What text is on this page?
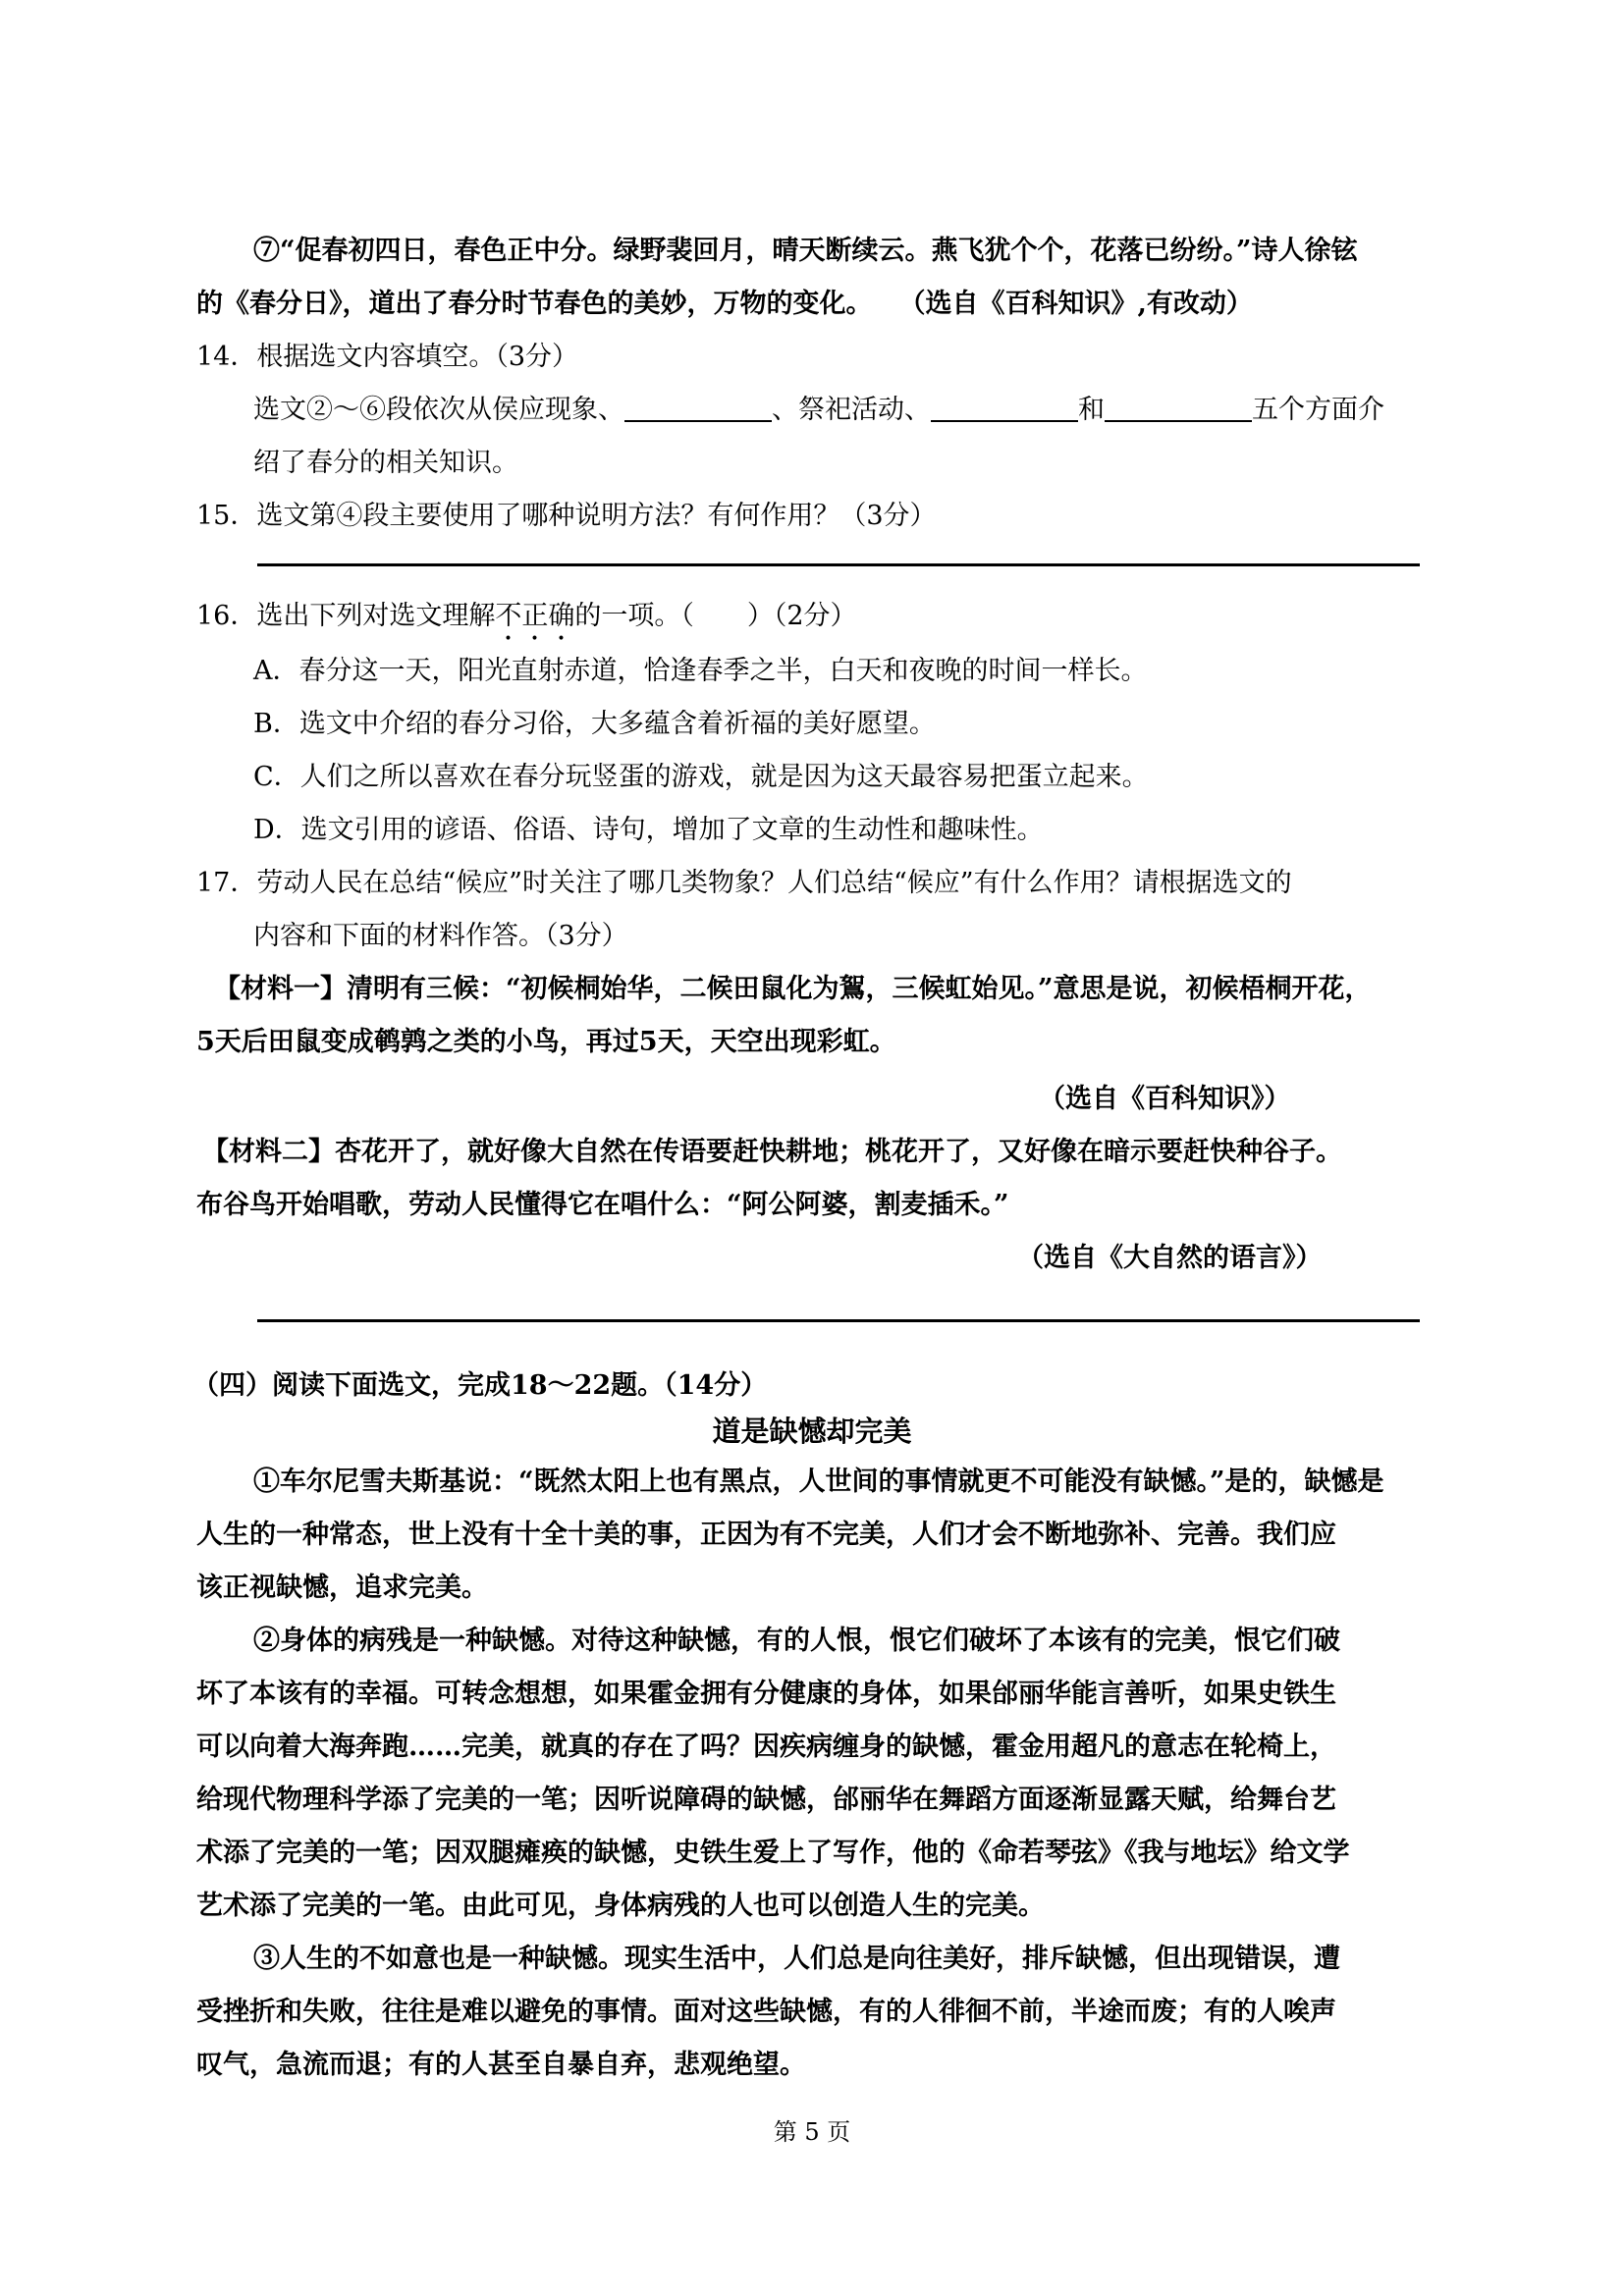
⑦“促春初四日，春色正中分。绿野裴回月，晴天断续云。燕飞犹个个，花落已纷纷。”诗人徐铉
的《春分日》，道出了春分时节春色的美妙，万物的变化。　　（选自《百科知识》,有改动）
14．根据选文内容填空。（3分）
选文②～⑥段依次从侯应现象、	、祭祀活动、	和	五个方面介
绍了春分的相关知识。
15．选文第④段主要使用了哪种说明方法？有何作用？（3分）
16．选出下列对选文理解不正确的一项。（　　）（2分）
A．春分这一天，阳光直射赤道，恰逢春季之半，白天和夜晚的时间一样长。
B．选文中介绍的春分习俗，大多蕴含着祈福的美好愿望。
C．人们之所以喜欢在春分玩竖蛋的游戏，就是因为这天最容易把蛋立起来。
D．选文引用的谚语、俗语、诗句，增加了文章的生动性和趣味性。
17．劳动人民在总结“候应”时关注了哪几类物象？人们总结“候应”有什么作用？请根据选文的
内容和下面的材料作答。（3分）
【材料一】清明有三候：“初候桐始华，二候田鼠化为鴽，三候虹始见。”意思是说，初候梧桐开花，
5天后田鼠变成鹌鹑之类的小鸟，再过5天，天空出现彩虹。
（选自《百科知识》）
【材料二】杏花开了，就好像大自然在传语要赶快耕地；桃花开了，又好像在暗示要赶快种谷子。
布谷鸟开始唱歌，劳动人民懂得它在唱什么：“阿公阿婆，割麦插禾。”
（选自《大自然的语言》）
（四）阅读下面选文，完成18～22题。（14分）
道是缺憾却完美
①车尔尼雪夫斯基说：“既然太阳上也有黑点，人世间的事情就更不可能没有缺憾。”是的，缺憾是
人生的一种常态，世上没有十全十美的事，正因为有不完美，人们才会不断地弥补、完善。我们应
该正视缺憾，追求完美。
②身体的病残是一种缺憾。对待这种缺憾，有的人恨，恨它们破坏了本该有的完美，恨它们破
坏了本该有的幸福。可转念想想，如果霍金拥有分健康的身体，如果邰丽华能言善听，如果史铁生
可以向着大海奔跑……完美，就真的存在了吗？因疾病缠身的缺憾，霍金用超凡的意志在轮椅上，
给现代物理科学添了完美的一笔；因听说障碍的缺憾，邰丽华在舞蹈方面逐渐显露天赋，给舞台艺
术添了完美的一笔；因双腿瘫痪的缺憾，史铁生爱上了写作，他的《命若琴弦》《我与地坛》给文学
艺术添了完美的一笔。由此可见，身体病残的人也可以创造人生的完美。
③人生的不如意也是一种缺憾。现实生活中，人们总是向往美好，排斥缺憾，但出现错误，遭
受挫折和失败，往往是难以避免的事情。面对这些缺憾，有的人徘徊不前，半途而废；有的人唉声
叹气，急流而退；有的人甚至自暴自弃，悲观绝望。
第 5 页
